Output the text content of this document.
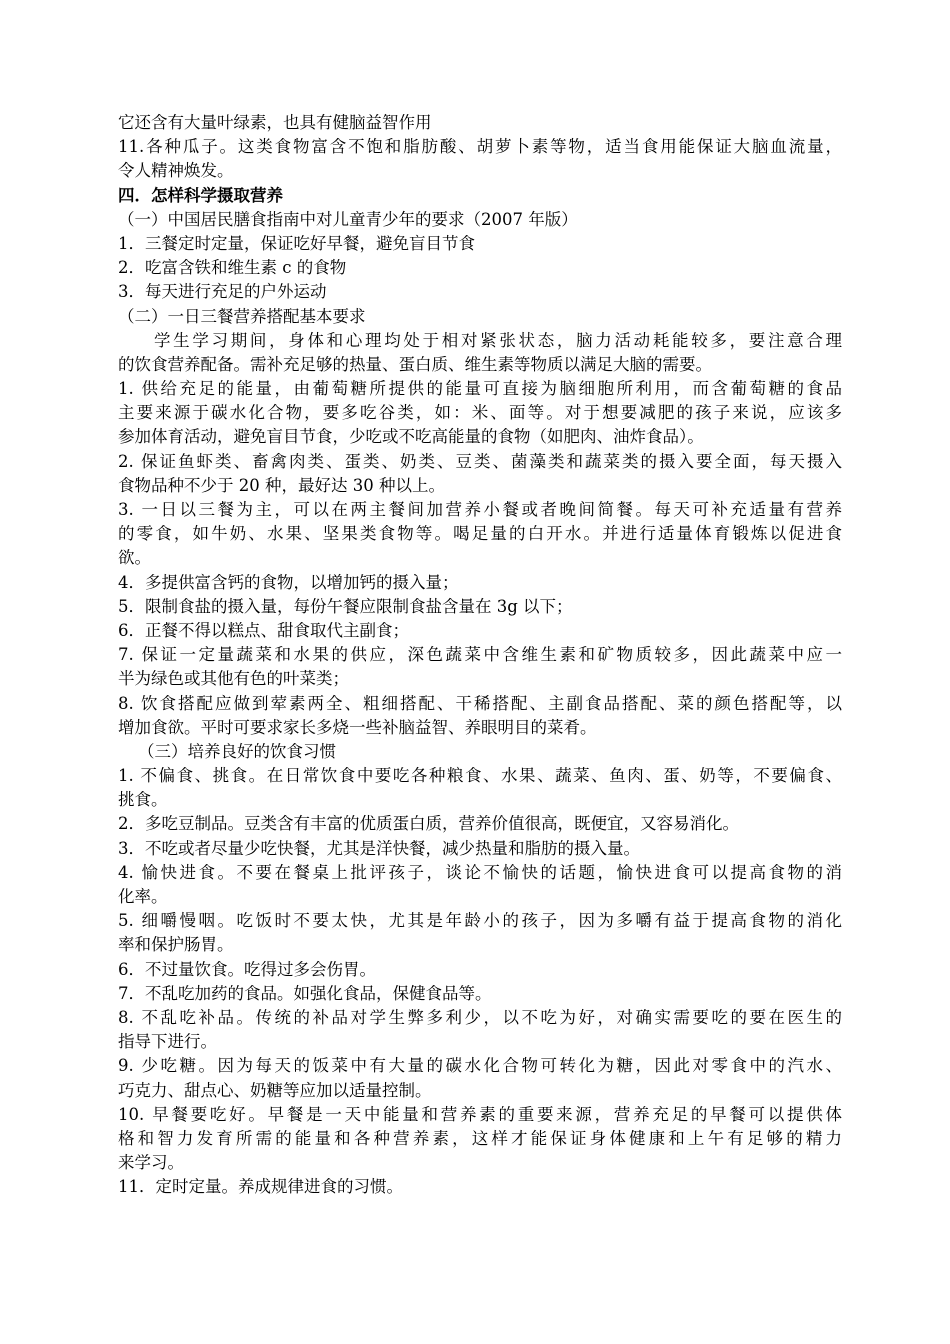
它还含有大量叶绿素，也具有健脑益智作用
11.各种瓜子。这类食物富含不饱和脂肪酸、胡萝卜素等物，适当食用能保证大脑血流量，
令人精神焕发。
四．怎样科学摄取营养
（一）中国居民膳食指南中对儿童青少年的要求（2007 年版）
1．三餐定时定量，保证吃好早餐，避免盲目节食
2．吃富含铁和维生素 c 的食物
3．每天进行充足的户外运动
（二）一日三餐营养搭配基本要求
学生学习期间，身体和心理均处于相对紧张状态，脑力活动耗能较多，要注意合理
的饮食营养配备。需补充足够的热量、蛋白质、维生素等物质以满足大脑的需要。
1. 供给充足的能量，由葡萄糖所提供的能量可直接为脑细胞所利用，而含葡萄糖的食品
主要来源于碳水化合物，要多吃谷类，如：米、面等。对于想要减肥的孩子来说，应该多
参加体育活动，避免盲目节食，少吃或不吃高能量的食物（如肥肉、油炸食品）。
2. 保证鱼虾类、畜禽肉类、蛋类、奶类、豆类、菌藻类和蔬菜类的摄入要全面，每天摄入
食物品种不少于 20 种，最好达 30 种以上。
3. 一日以三餐为主，可以在两主餐间加营养小餐或者晚间简餐。每天可补充适量有营养
的零食，如牛奶、水果、坚果类食物等。喝足量的白开水。并进行适量体育锻炼以促进食
欲。
4．多提供富含钙的食物，以增加钙的摄入量；
5．限制食盐的摄入量，每份午餐应限制食盐含量在 3g 以下；
6．正餐不得以糕点、甜食取代主副食；
7. 保证一定量蔬菜和水果的供应，深色蔬菜中含维生素和矿物质较多，因此蔬菜中应一
半为绿色或其他有色的叶菜类；
8. 饮食搭配应做到荤素两全、粗细搭配、干稀搭配、主副食品搭配、菜的颜色搭配等，以
增加食欲。平时可要求家长多烧一些补脑益智、养眼明目的菜肴。
（三）培养良好的饮食习惯
1. 不偏食、挑食。在日常饮食中要吃各种粮食、水果、蔬菜、鱼肉、蛋、奶等，不要偏食、
挑食。
2．多吃豆制品。豆类含有丰富的优质蛋白质，营养价值很高，既便宜，又容易消化。
3．不吃或者尽量少吃快餐，尤其是洋快餐，减少热量和脂肪的摄入量。
4. 愉快进食。不要在餐桌上批评孩子，谈论不愉快的话题，愉快进食可以提高食物的消
化率。
5. 细嚼慢咽。吃饭时不要太快，尤其是年龄小的孩子，因为多嚼有益于提高食物的消化
率和保护肠胃。
6．不过量饮食。吃得过多会伤胃。
7．不乱吃加药的食品。如强化食品，保健食品等。
8. 不乱吃补品。传统的补品对学生弊多利少，以不吃为好，对确实需要吃的要在医生的
指导下进行。
9. 少吃糖。因为每天的饭菜中有大量的碳水化合物可转化为糖，因此对零食中的汽水、
巧克力、甜点心、奶糖等应加以适量控制。
10. 早餐要吃好。早餐是一天中能量和营养素的重要来源，营养充足的早餐可以提供体
格和智力发育所需的能量和各种营养素，这样才能保证身体健康和上午有足够的精力
来学习。
11．定时定量。养成规律进食的习惯。
